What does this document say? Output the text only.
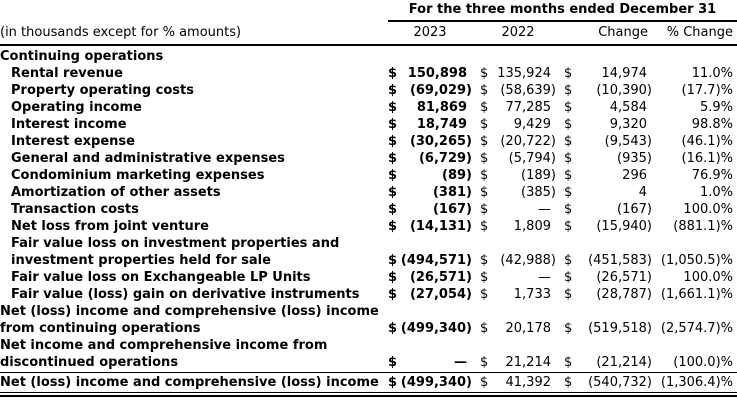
For the three months ended December 31
(in thousands except for % amounts)	2023	2022	Change	% Change
Continuing operations
Rental revenue	$ 150,898	$ 135,924	$ 14,974	11.0%
Property operating costs	$ (69,029) $ (58,639) $ (10,390)	(17.7)%
Operating income	$ 81,869	$ 77,285	$	4,584	5.9%
Interest income	$ 18,749	$ 9,429	$	9,320	98.8%
Interest expense	$ (30,265) $ (20,722) $ (9,543)	(46.1)%
General and administrative expenses	$ (6,729) $ (5,794) $	(935)	(16.1)%
Condominium marketing expenses	$	(89) $	(189) $	296	76.9%
Amortization of other assets	$	(381) $	(385) $	4	1.0%
Transaction costs	$	(167) $	—	$	(167)	100.0%
Net loss from joint venture	$ (14,131) $ 1,809	$ (15,940)	(881.1)%
Fair value loss on investment properties and
investment properties held for sale	$ (494,571) $ (42,988) $ (451,583) (1,050.5)%
Fair value loss on Exchangeable LP Units	$ (26,571) $	—	$ (26,571)	100.0%
Fair value (loss) gain on derivative instruments	$ (27,054) $ 1,733	$ (28,787) (1,661.1)%
Net (loss) income and comprehensive (loss) income
from continuing operations	$ (499,340) $ 20,178	$ (519,518) (2,574.7)%
Net income and comprehensive income from
discontinued operations	$	—	$ 21,214	$ (21,214)	(100.0)%
Net (loss) income and comprehensive (loss) income $ (499,340) $ 41,392	$ (540,732) (1,306.4)%
